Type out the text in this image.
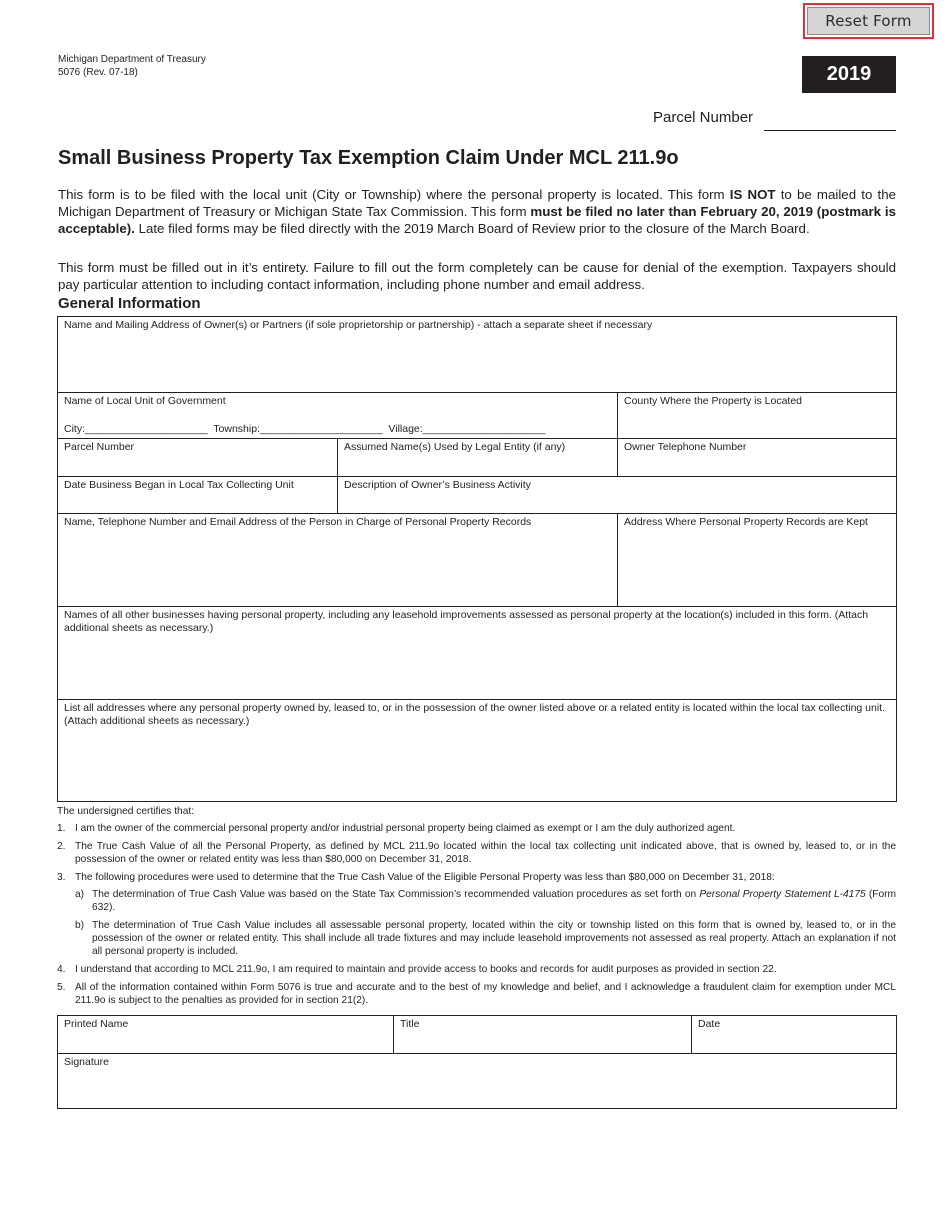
Reset Form
Michigan Department of Treasury
5076 (Rev. 07-18)	2019
Parcel Number
Small Business Property Tax Exemption Claim Under MCL 211.9o
This form is to be filed with the local unit (City or Township) where the personal property is located. This form IS NOT to be mailed to the Michigan Department of Treasury or Michigan State Tax Commission. This form must be filed no later than February 20, 2019 (postmark is acceptable). Late filed forms may be filed directly with the 2019 March Board of Review prior to the closure of the March Board.
This form must be filled out in it’s entirety. Failure to fill out the form completely can be cause for denial of the exemption. Taxpayers should pay particular attention to including contact information, including phone number and email address.
General Information
Name and Mailing Address of Owner(s) or Partners (if sole proprietorship or partnership) - attach a separate sheet if necessary
Name of Local Unit of Government
City:_____________________  Township:_____________________  Village:_____________________
County Where the Property is Located
Parcel Number	Assumed Name(s) Used by Legal Entity (if any)	Owner Telephone Number
Date Business Began in Local Tax Collecting Unit	Description of Owner’s Business Activity
Name, Telephone Number and Email Address of the Person in Charge of Personal Property Records	Address Where Personal Property Records are Kept
Names of all other businesses having personal property, including any leasehold improvements assessed as personal property at the location(s) included in this form. (Attach additional sheets as necessary.)
List all addresses where any personal property owned by, leased to, or in the possession of the owner listed above or a related entity is located within the local tax collecting unit. (Attach additional sheets as necessary.)
The undersigned certifies that:
1. I am the owner of the commercial personal property and/or industrial personal property being claimed as exempt or I am the duly authorized agent.
2. The True Cash Value of all the Personal Property, as defined by MCL 211.9o located within the local tax collecting unit indicated above, that is owned by, leased to, or in the possession of the owner or related entity was less than $80,000 on December 31, 2018.
3. The following procedures were used to determine that the True Cash Value of the Eligible Personal Property was less than $80,000 on December 31, 2018:
a) The determination of True Cash Value was based on the State Tax Commission’s recommended valuation procedures as set forth on Personal Property Statement L-4175 (Form 632).
b) The determination of True Cash Value includes all assessable personal property, located within the city or township listed on this form that is owned by, leased to, or in the possession of the owner or related entity. This shall include all trade fixtures and may include leasehold improvements not assessed as real property. Attach an explanation if not all personal property is included.
4. I understand that according to MCL 211.9o, I am required to maintain and provide access to books and records for audit purposes as provided in section 22.
5. All of the information contained within Form 5076 is true and accurate and to the best of my knowledge and belief, and I acknowledge a fraudulent claim for exemption under MCL 211.9o is subject to the penalties as provided for in section 21(2).
Printed Name	Title	Date
Signature
